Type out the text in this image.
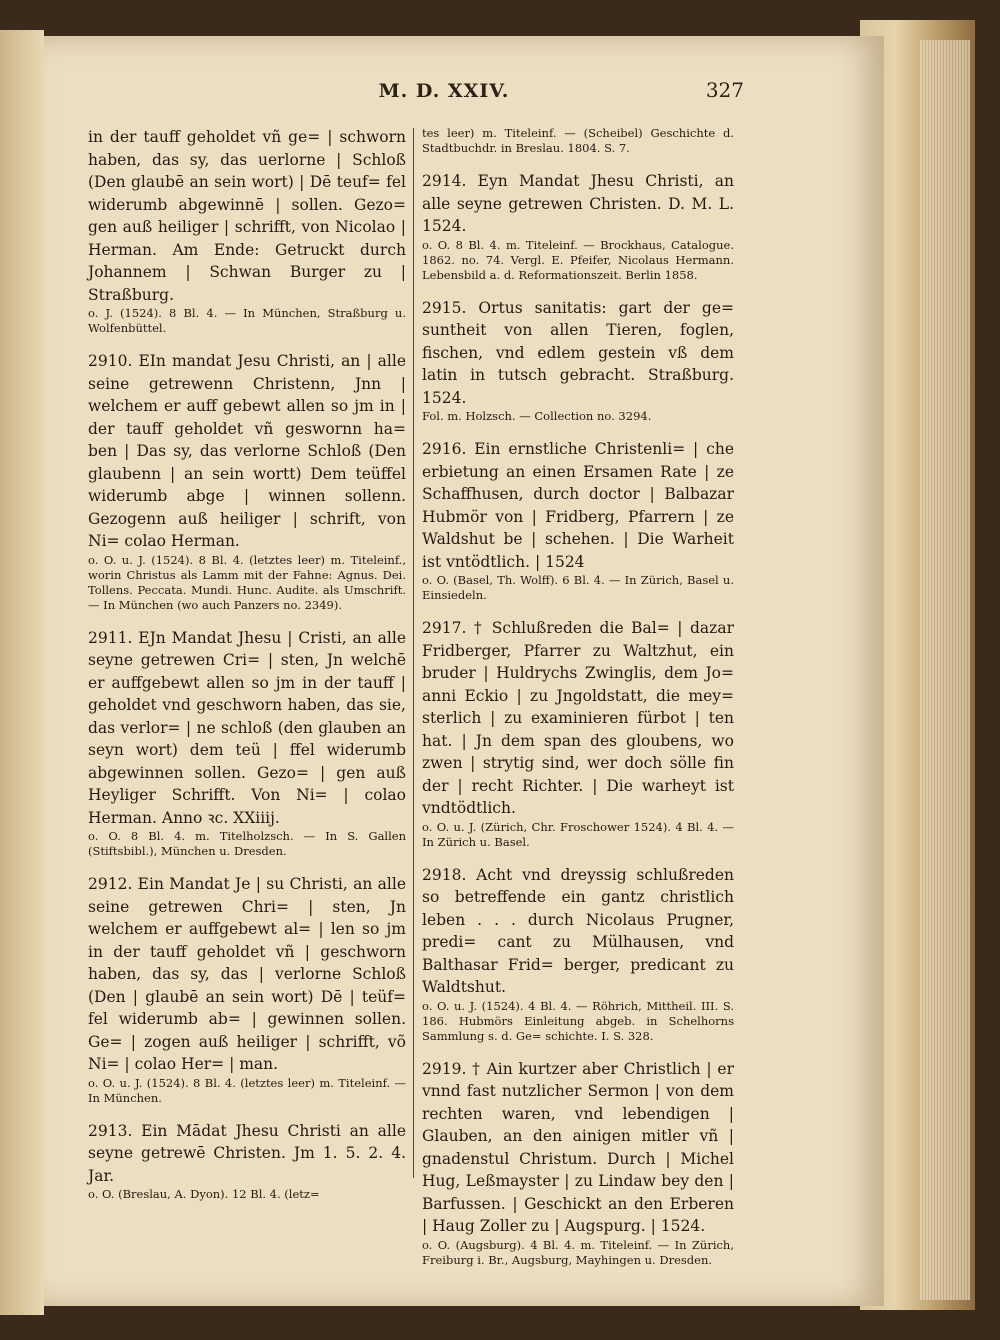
M. D. XXIV.	327

in der tauff geholdet vñ ge= | schworn haben, das sy, das uerlorne | Schloß (Den glaubē an sein wort) | Dē teuf= fel widerumb abgewinnē | sollen. Gezo= gen auß heiliger | schrifft, von Nicolao | Herman. Am Ende: Getruckt durch Johannem | Schwan Burger zu | Straßburg.

o. J. (1524). 8 Bl. 4. — In München, Straßburg u. Wolfenbüttel.

2910. EIn mandat Jesu Christi, an | alle seine getrewenn Christenn, Jnn | welchem er auff gebewt allen so jm in | der tauff geholdet vñ geswornn ha= ben | Das sy, das verlorne Schloß (Den glaubenn | an sein wortt) Dem teüffel widerumb abge | winnen sollenn. Gezogenn auß heiliger | schrift, von Ni= colao Herman.

o. O. u. J. (1524). 8 Bl. 4. (letztes leer) m. Titeleinf., worin Christus als Lamm mit der Fahne: Agnus. Dei. Tollens. Peccata. Mundi. Hunc. Audite. als Umschrift. — In München (wo auch Panzers no. 2349).

2911. EJn Mandat Jhesu | Cristi, an alle seyne getrewen Cri= | sten, Jn welchē er auffgebewt allen so jm in der tauff | geholdet vnd geschworn haben, das sie, das verlor= | ne schloß (den glauben an seyn wort) dem teü | ffel widerumb abgewinnen sollen. Gezo= | gen auß Heyliger Schrifft. Von Ni= | colao Herman. Anno ꝛc. XXiiij.

o. O. 8 Bl. 4. m. Titelholzsch. — In S. Gallen (Stiftsbibl.), München u. Dresden.

2912. Ein Mandat Je | su Christi, an alle seine getrewen Chri= | sten, Jn welchem er auffgebewt al= | len so jm in der tauff geholdet vñ | geschworn haben, das sy, das | verlorne Schloß (Den | glaubē an sein wort) Dē | teüf= fel widerumb ab= | gewinnen sollen. Ge= | zogen auß heiliger | schrifft, võ Ni= | colao Her= | man.

o. O. u. J. (1524). 8 Bl. 4. (letztes leer) m. Titeleinf. — In München.

2913. Ein Mādat Jhesu Christi an alle seyne getrewē Christen. Jm 1. 5. 2. 4. Jar.

o. O. (Breslau, A. Dyon). 12 Bl. 4. (letz=

tes leer) m. Titeleinf. — (Scheibel) Geschichte d. Stadtbuchdr. in Breslau. 1804. S. 7.

2914. Eyn Mandat Jhesu Christi, an alle seyne getrewen Christen. D. M. L. 1524.

o. O. 8 Bl. 4. m. Titeleinf. — Brockhaus, Catalogue. 1862. no. 74. Vergl. E. Pfeifer, Nicolaus Hermann. Lebensbild a. d. Reformationszeit. Berlin 1858.

2915. Ortus sanitatis: gart der ge= suntheit von allen Tieren, foglen, fischen, vnd edlem gestein vß dem latin in tutsch gebracht. Straßburg. 1524.

Fol. m. Holzsch. — Collection no. 3294.

2916. Ein ernstliche Christenli= | che erbietung an einen Ersamen Rate | ze Schaffhusen, durch doctor | Balbazar Hubmör von | Fridberg, Pfarrern | ze Waldshut be | schehen. | Die Warheit ist vntödtlich. | 1524

o. O. (Basel, Th. Wolff). 6 Bl. 4. — In Zürich, Basel u. Einsiedeln.

2917. † Schlußreden die Bal= | dazar Fridberger, Pfarrer zu Waltzhut, ein bruder | Huldrychs Zwinglis, dem Jo= anni Eckio | zu Jngoldstatt, die mey= sterlich | zu examinieren fürbot | ten hat. | Jn dem span des gloubens, wo zwen | strytig sind, wer doch sölle fin der | recht Richter. | Die warheyt ist vndtödtlich.

o. O. u. J. (Zürich, Chr. Froschower 1524). 4 Bl. 4. — In Zürich u. Basel.

2918. Acht vnd dreyssig schlußreden so betreffende ein gantz christlich leben . . . durch Nicolaus Prugner, predi= cant zu Mülhausen, vnd Balthasar Frid= berger, predicant zu Waldtshut.

o. O. u. J. (1524). 4 Bl. 4. — Röhrich, Mittheil. III. S. 186. Hubmörs Einleitung abgeb. in Schelhorns Sammlung s. d. Ge= schichte. I. S. 328.

2919. † Ain kurtzer aber Christlich | er vnnd fast nutzlicher Sermon | von dem rechten waren, vnd lebendigen | Glauben, an den ainigen mitler vñ | gnadenstul Christum. Durch | Michel Hug, Leßmayster | zu Lindaw bey den | Barfussen. | Geschickt an den Erberen | Haug Zoller zu | Augspurg. | 1524.

o. O. (Augsburg). 4 Bl. 4. m. Titeleinf. — In Zürich, Freiburg i. Br., Augsburg, Mayhingen u. Dresden.
